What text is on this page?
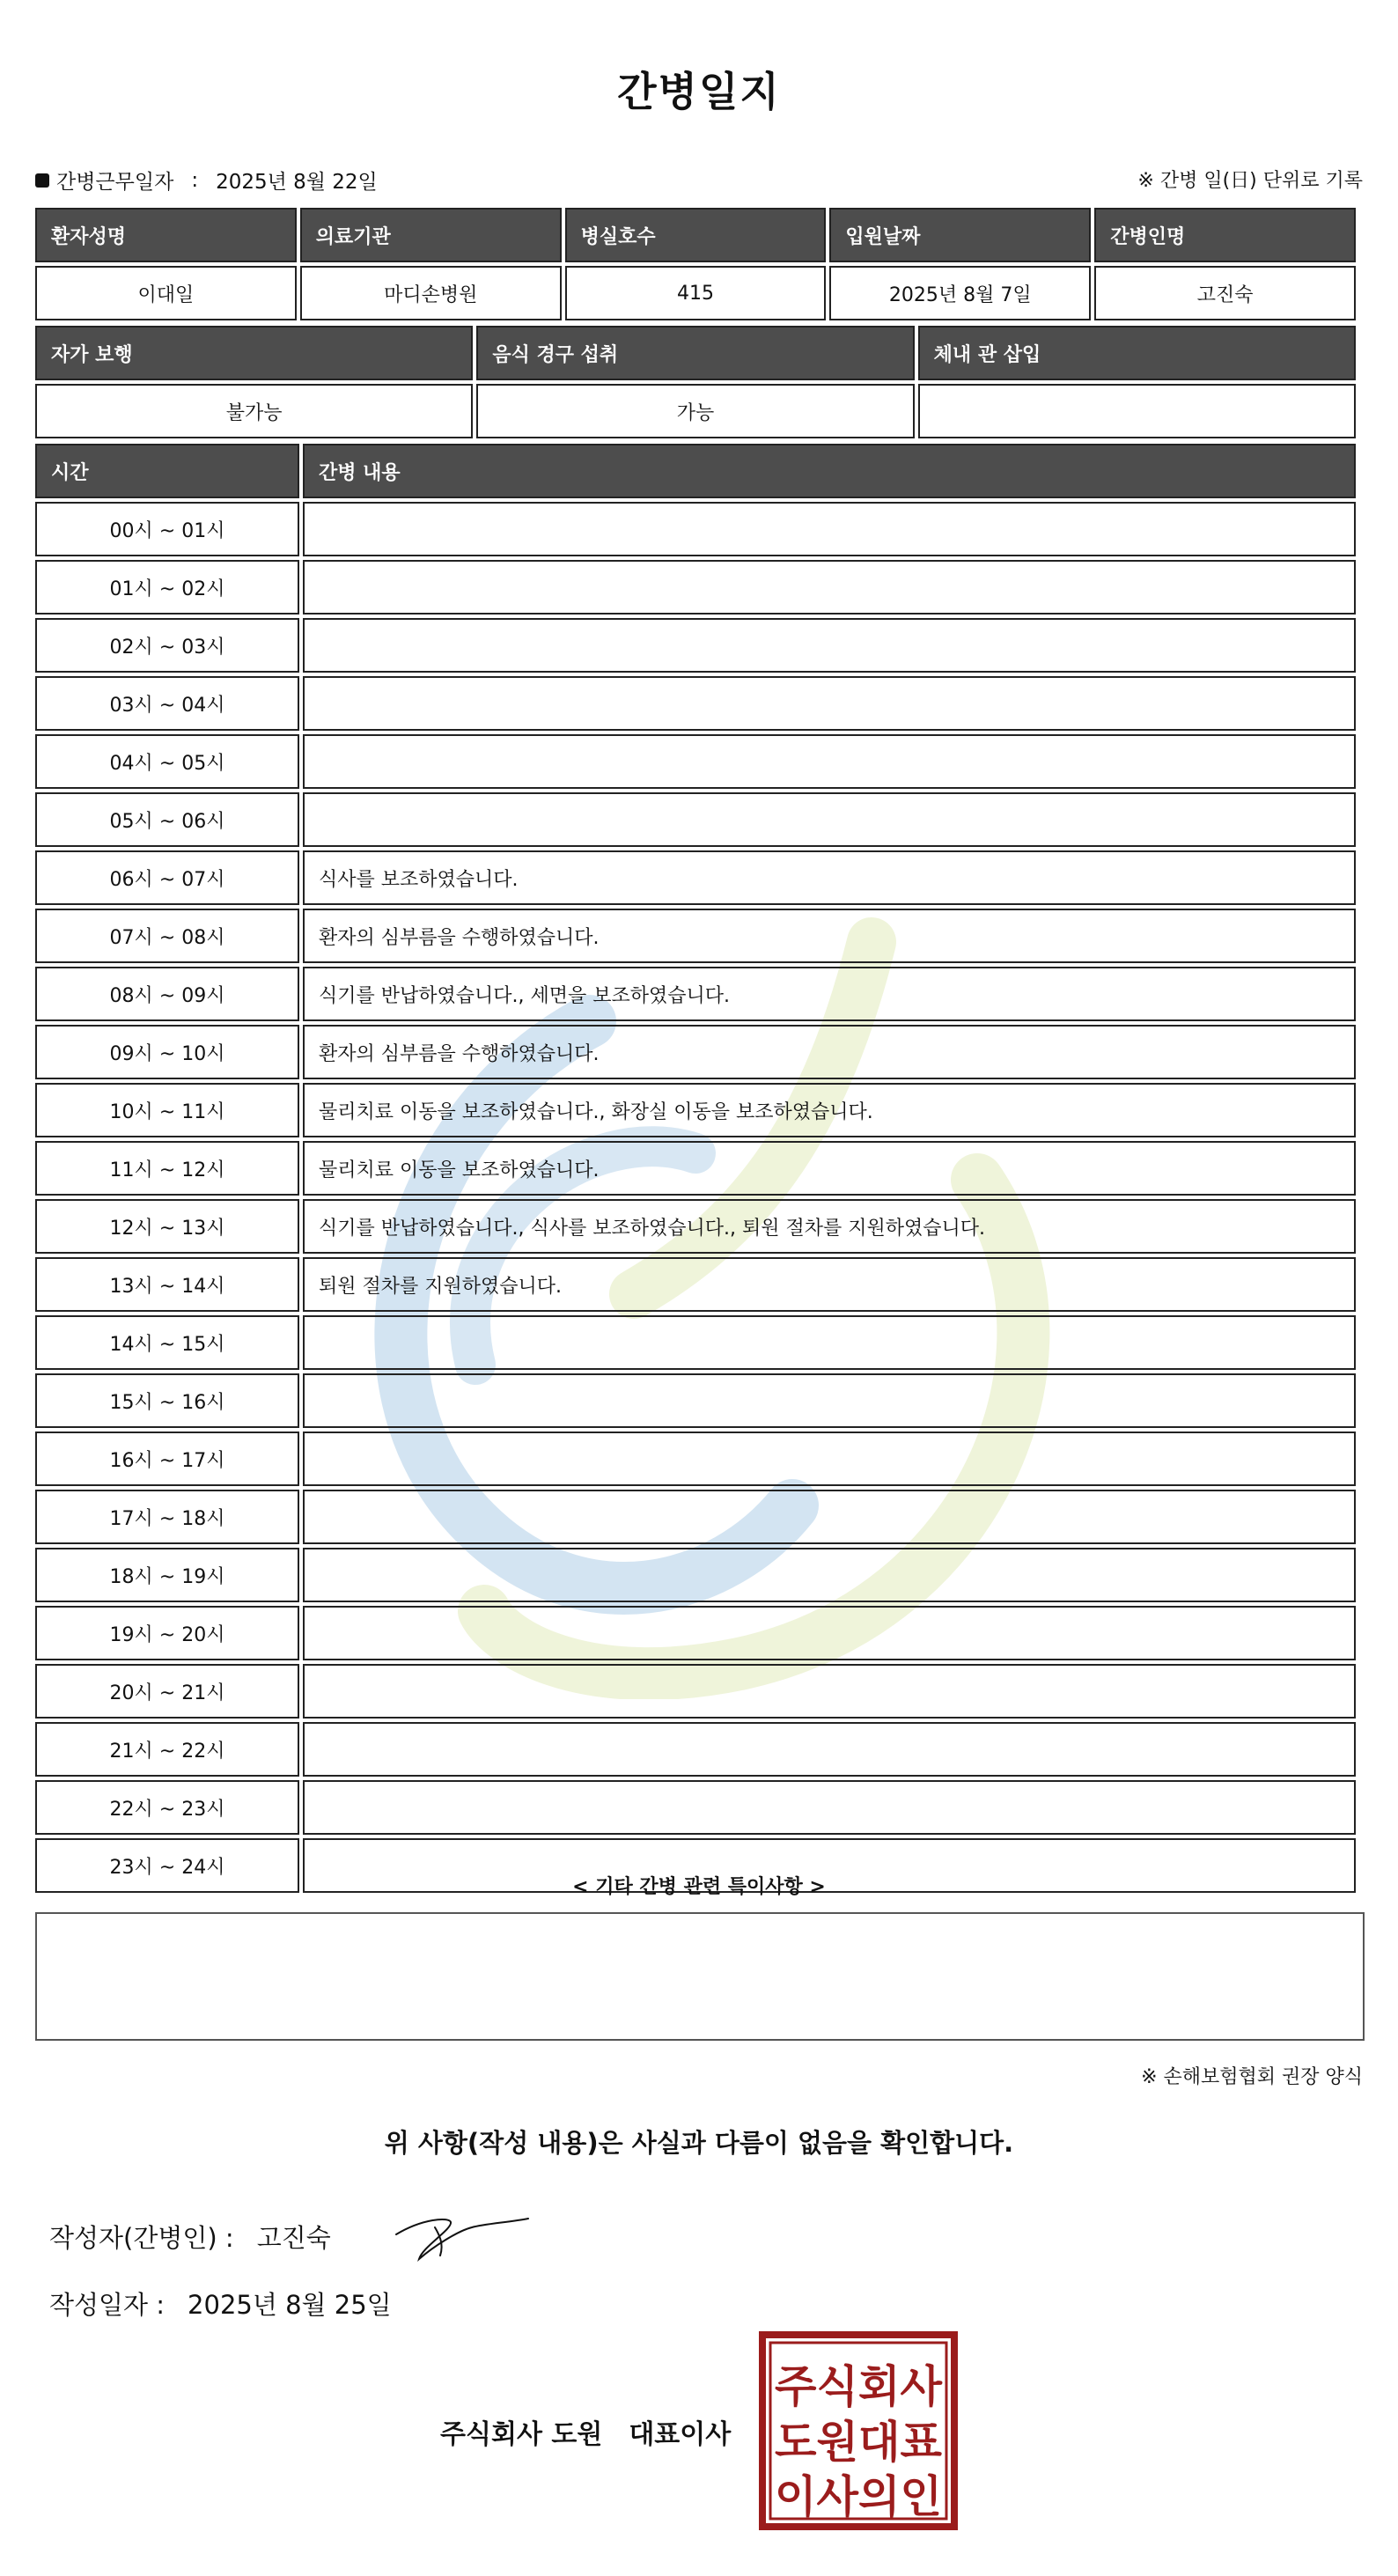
간병일지
간병근무일자 : 2025년 8월 22일	※ 간병 일(日) 단위로 기록
환자성명	의료기관	병실호수	입원날짜	간병인명
이대일	마디손병원	415	2025년 8월 7일	고진숙
자가 보행	음식 경구 섭취	체내 관 삽입
불가능	가능	
시간	간병 내용
00시 ~ 01시	
01시 ~ 02시	
02시 ~ 03시	
03시 ~ 04시	
04시 ~ 05시	
05시 ~ 06시	
06시 ~ 07시	식사를 보조하였습니다.
07시 ~ 08시	환자의 심부름을 수행하였습니다.
08시 ~ 09시	식기를 반납하였습니다., 세면을 보조하였습니다.
09시 ~ 10시	환자의 심부름을 수행하였습니다.
10시 ~ 11시	물리치료 이동을 보조하였습니다., 화장실 이동을 보조하였습니다.
11시 ~ 12시	물리치료 이동을 보조하였습니다.
12시 ~ 13시	식기를 반납하였습니다., 식사를 보조하였습니다., 퇴원 절차를 지원하였습니다.
13시 ~ 14시	퇴원 절차를 지원하였습니다.
14시 ~ 15시	
15시 ~ 16시	
16시 ~ 17시	
17시 ~ 18시	
18시 ~ 19시	
19시 ~ 20시	
20시 ~ 21시	
21시 ~ 22시	
22시 ~ 23시	
23시 ~ 24시	
< 기타 간병 관련 특이사항 >
※ 손해보험협회 권장 양식
위 사항(작성 내용)은 사실과 다름이 없음을 확인합니다.
작성자(간병인) : 고진숙
작성일자 : 2025년 8월 25일
주식회사 도원 대표이사
주식회사
도원대표
이사의인
